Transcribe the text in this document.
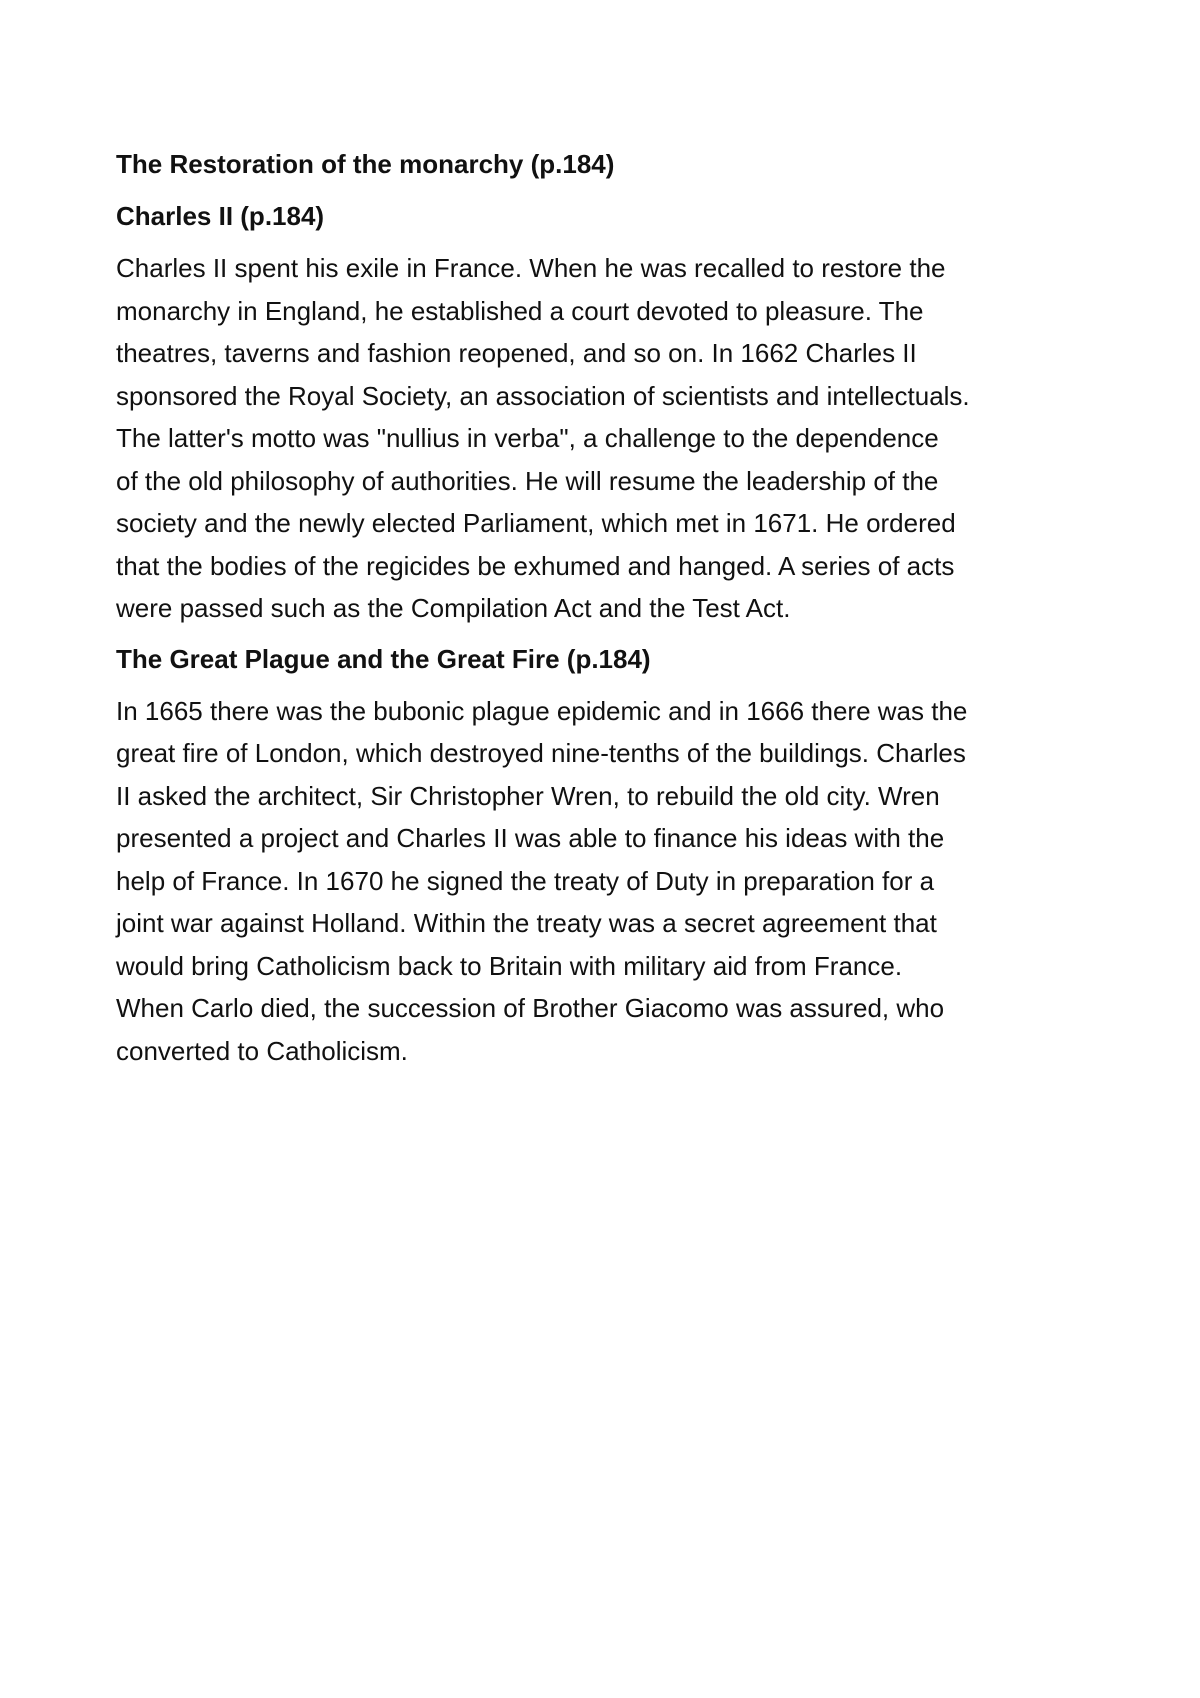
The Restoration of the monarchy (p.184)
Charles II (p.184)

Charles II spent his exile in France. When he was recalled to restore the
monarchy in England, he established a court devoted to pleasure. The
theatres, taverns and fashion reopened, and so on. In 1662 Charles II
sponsored the Royal Society, an association of scientists and intellectuals.
The latter's motto was "nullius in verba", a challenge to the dependence
of the old philosophy of authorities. He will resume the leadership of the
society and the newly elected Parliament, which met in 1671. He ordered
that the bodies of the regicides be exhumed and hanged. A series of acts
were passed such as the Compilation Act and the Test Act.

The Great Plague and the Great Fire (p.184)

In 1665 there was the bubonic plague epidemic and in 1666 there was the
great fire of London, which destroyed nine-tenths of the buildings. Charles
II asked the architect, Sir Christopher Wren, to rebuild the old city. Wren
presented a project and Charles II was able to finance his ideas with the
help of France. In 1670 he signed the treaty of Duty in preparation for a
joint war against Holland. Within the treaty was a secret agreement that
would bring Catholicism back to Britain with military aid from France.
When Carlo died, the succession of Brother Giacomo was assured, who
converted to Catholicism.
